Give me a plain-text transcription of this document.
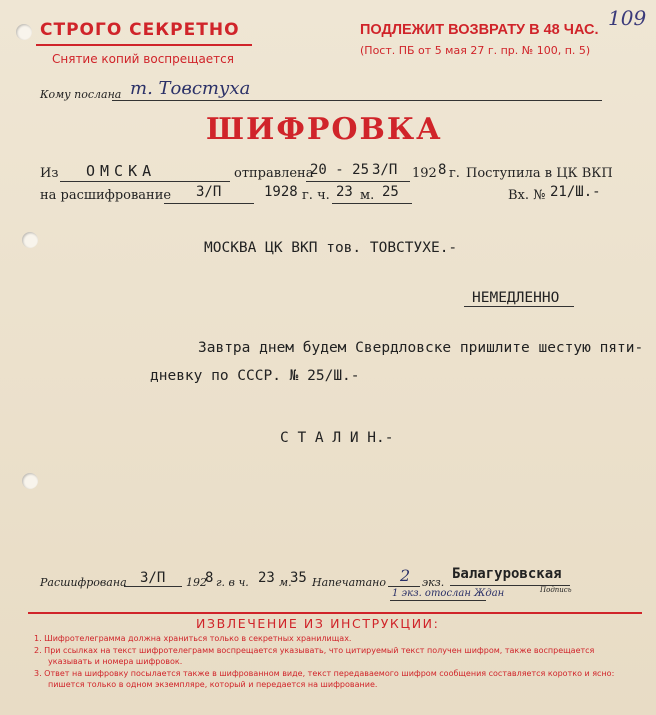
СТРОГО СЕКРЕТНО
Снятие копий воспрещается
ПОДЛЕЖИТ ВОЗВРАТУ В 48 ЧАС.
(Пост. ПБ от 5 мая 27 г. пр. № 100, п. 5)
109
Кому послана т. Товстуха
ШИФРОВКА
Из ОМСКА	отправлена
20 - 25 3/П 192 8 г. Поступила в ЦК ВКП
на расшифрование 3/П	1928 г. ч. 23 м. 25	Вх. № 21/Ш.-
МОСКВА ЦК ВКП тов. ТОВСТУХЕ.-
НЕМЕДЛЕННО
Завтра днем будем Свердловске пришлите шестую пяти-
дневку по СССР. № 25/Ш.-
С Т А Л И Н.-
Расшифрована 3/П 192
8 г. в ч. 23 м.
35 Напечатано 2 экз.
Балагуровская
Подпись
1 экз. отослан Ждан
ИЗВЛЕЧЕНИЕ ИЗ ИНСТРУКЦИИ:
1. Шифротелеграмма должна храниться только в секретных хранилищах.
2. При ссылках на текст шифротелеграмм воспрещается указывать, что цитируемый текст получен шифром, также воспрещается
указывать и номера шифровок.
3. Ответ на шифровку посылается также в шифрованном виде, текст передаваемого шифром сообщения составляется коротко и ясно:
пишется только в одном экземпляре, который и передается на шифрование.
